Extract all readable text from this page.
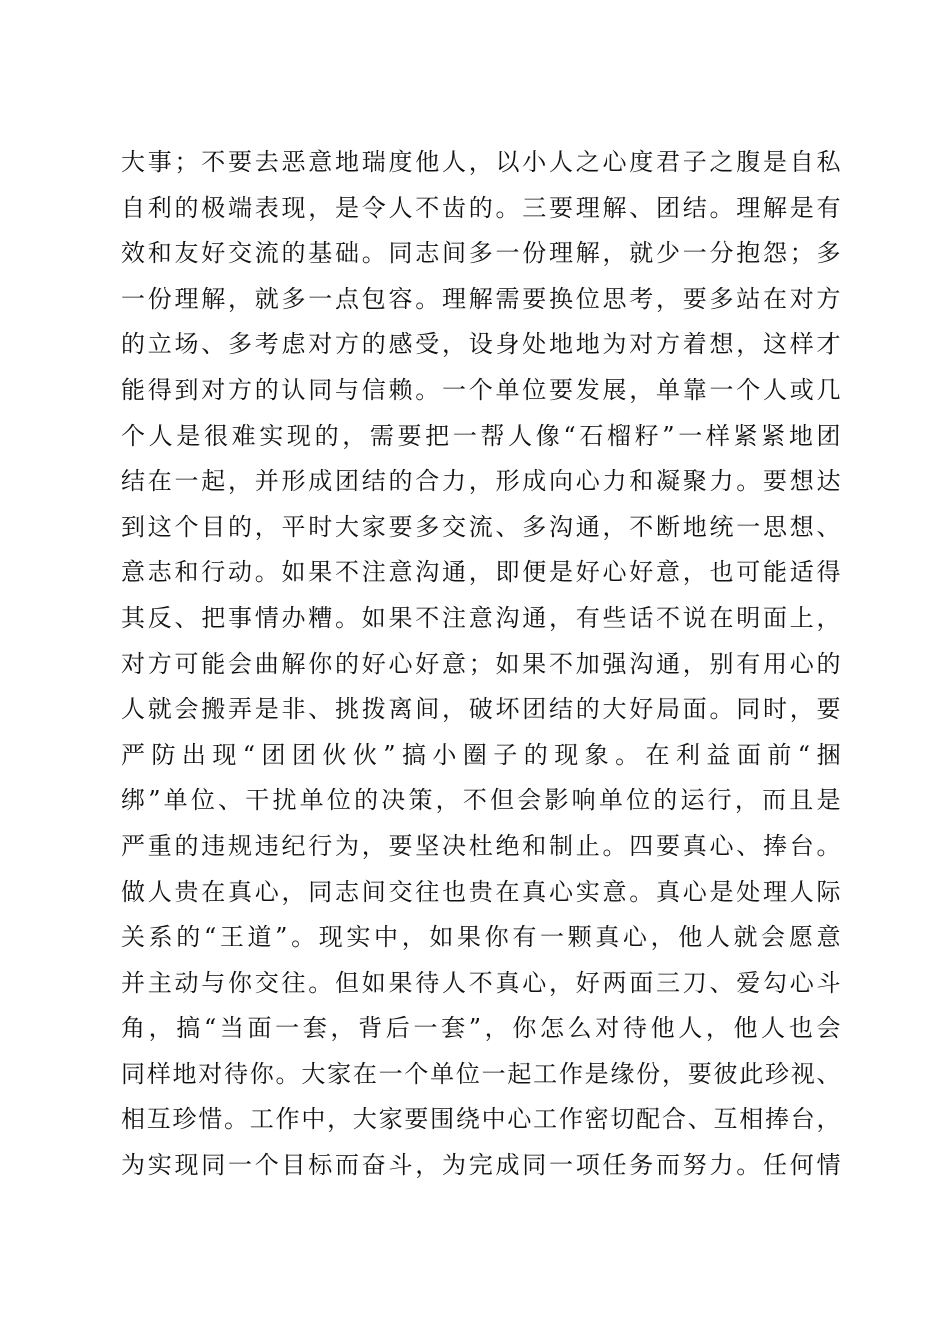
大事；不要去恶意地瑞度他人，以小人之心度君子之腹是自私
自利的极端表现，是令人不齿的。三要理解、团结。理解是有
效和友好交流的基础。同志间多一份理解，就少一分抱怨；多
一份理解，就多一点包容。理解需要换位思考，要多站在对方
的立场、多考虑对方的感受，设身处地地为对方着想，这样才
能得到对方的认同与信赖。一个单位要发展，单靠一个人或几
个人是很难实现的，需要把一帮人像“石榴籽”一样紧紧地团
结在一起，并形成团结的合力，形成向心力和凝聚力。要想达
到这个目的，平时大家要多交流、多沟通，不断地统一思想、
意志和行动。如果不注意沟通，即便是好心好意，也可能适得
其反、把事情办糟。如果不注意沟通，有些话不说在明面上，
对方可能会曲解你的好心好意；如果不加强沟通，别有用心的
人就会搬弄是非、挑拨离间，破坏团结的大好局面。同时，要
严防出现“团团伙伙”搞小圈子的现象。在利益面前“捆
绑”单位、干扰单位的决策，不但会影响单位的运行，而且是
严重的违规违纪行为，要坚决杜绝和制止。四要真心、捧台。
做人贵在真心，同志间交往也贵在真心实意。真心是处理人际
关系的“王道”。现实中，如果你有一颗真心，他人就会愿意
并主动与你交往。但如果待人不真心，好两面三刀、爱勾心斗
角，搞“当面一套，背后一套”，你怎么对待他人，他人也会
同样地对待你。大家在一个单位一起工作是缘份，要彼此珍视、
相互珍惜。工作中，大家要围绕中心工作密切配合、互相捧台，
为实现同一个目标而奋斗，为完成同一项任务而努力。任何情
